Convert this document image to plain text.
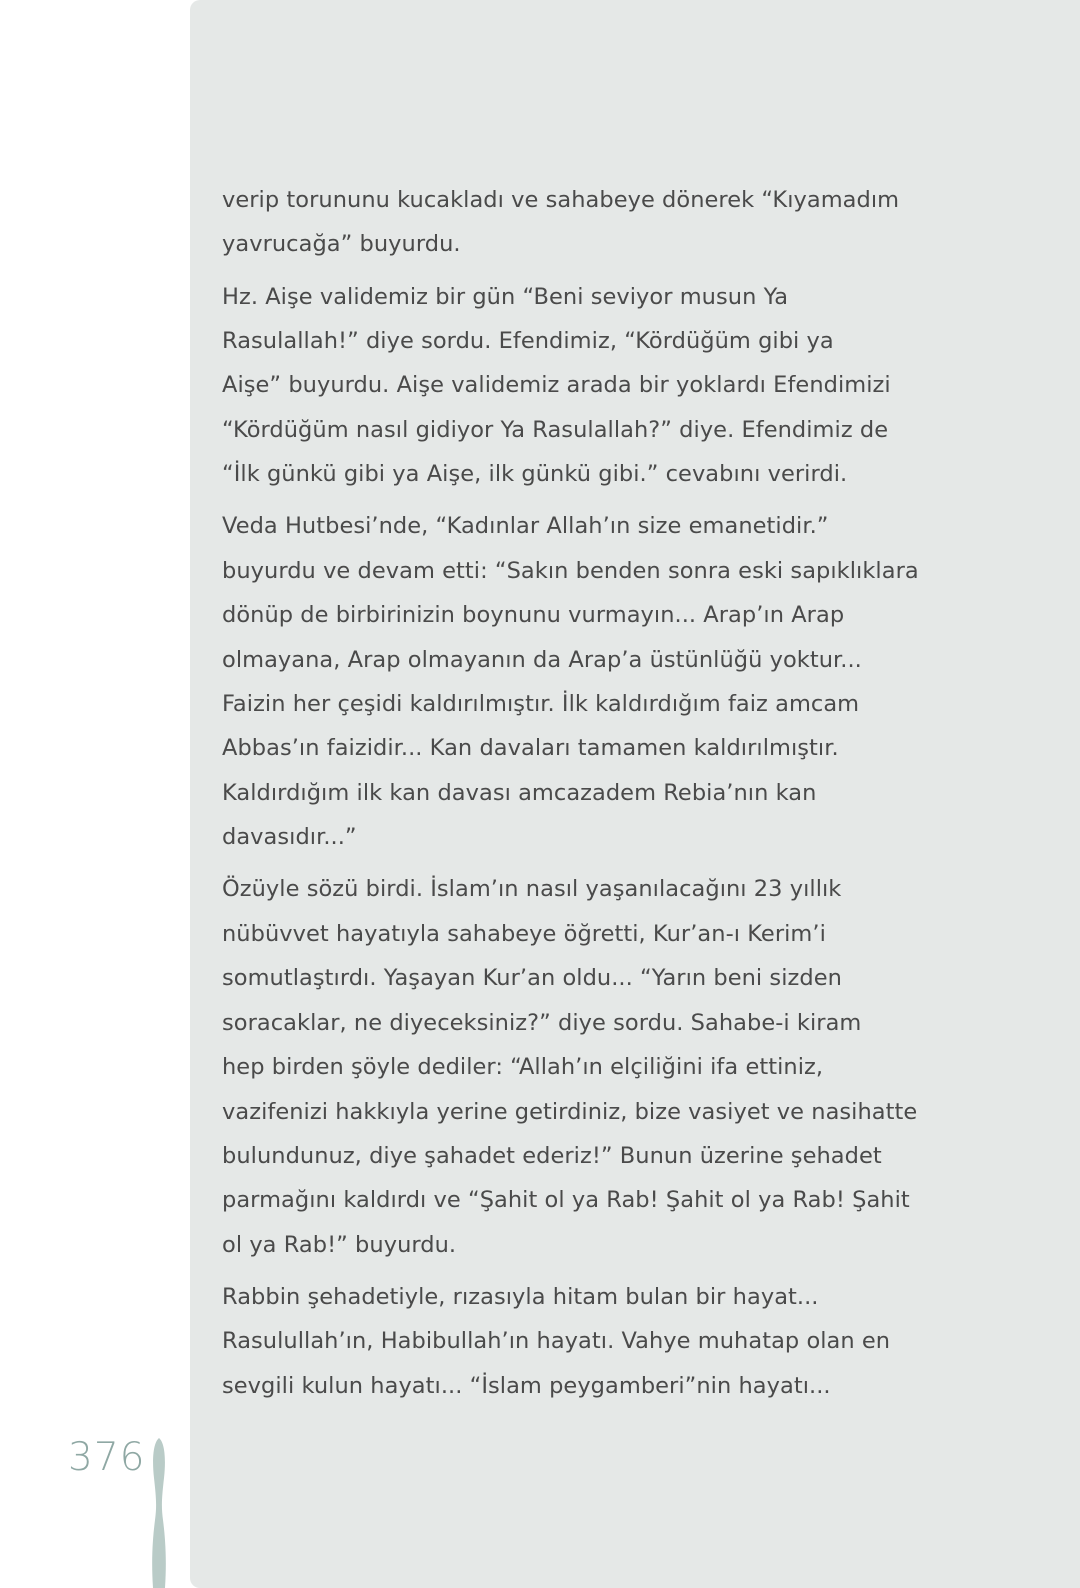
verip torununu kucakladı ve sahabeye dönerek “Kıyamadım
yavrucağa” buyurdu.

Hz. Aişe validemiz bir gün “Beni seviyor musun Ya
Rasulallah!” diye sordu. Efendimiz, “Kördüğüm gibi ya
Aişe” buyurdu. Aişe validemiz arada bir yoklardı Efendimizi
“Kördüğüm nasıl gidiyor Ya Rasulallah?” diye. Efendimiz de
“İlk günkü gibi ya Aişe, ilk günkü gibi.” cevabını verirdi.

Veda Hutbesi’nde, “Kadınlar Allah’ın size emanetidir.”
buyurdu ve devam etti: “Sakın benden sonra eski sapıklıklara
dönüp de birbirinizin boynunu vurmayın... Arap’ın Arap
olmayana, Arap olmayanın da Arap’a üstünlüğü yoktur...
Faizin her çeşidi kaldırılmıştır. İlk kaldırdığım faiz amcam
Abbas’ın faizidir... Kan davaları tamamen kaldırılmıştır.
Kaldırdığım ilk kan davası amcazadem Rebia’nın kan
davasıdır...”

Özüyle sözü birdi. İslam’ın nasıl yaşanılacağını 23 yıllık
nübüvvet hayatıyla sahabeye öğretti, Kur’an-ı Kerim’i
somutlaştırdı. Yaşayan Kur’an oldu... “Yarın beni sizden
soracaklar, ne diyeceksiniz?” diye sordu. Sahabe-i kiram
hep birden şöyle dediler: “Allah’ın elçiliğini ifa ettiniz,
vazifenizi hakkıyla yerine getirdiniz, bize vasiyet ve nasihatte
bulundunuz, diye şahadet ederiz!” Bunun üzerine şehadet
parmağını kaldırdı ve “Şahit ol ya Rab! Şahit ol ya Rab! Şahit
ol ya Rab!” buyurdu.

Rabbin şehadetiyle, rızasıyla hitam bulan bir hayat...
Rasulullah’ın, Habibullah’ın hayatı. Vahye muhatap olan en
sevgili kulun hayatı... “İslam peygamberi”nin hayatı...

376
